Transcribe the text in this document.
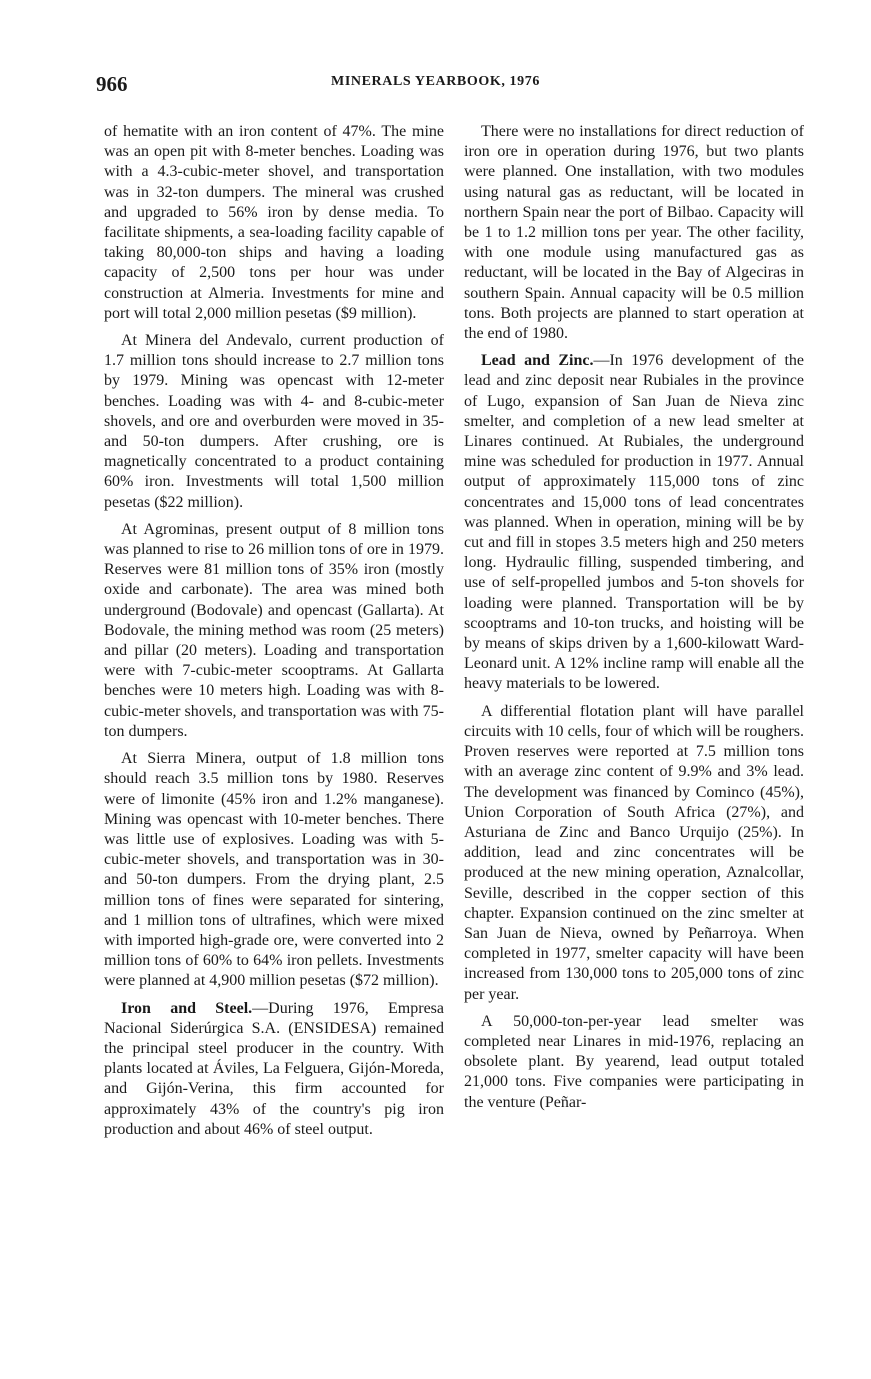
966	MINERALS YEARBOOK, 1976

of hematite with an iron content of 47%. The mine was an open pit with 8-meter benches. Loading was with a 4.3-cubic-meter shovel, and transportation was in 32-ton dumpers. The mineral was crushed and upgraded to 56% iron by dense media. To facilitate shipments, a sea-loading facility capable of taking 80,000-ton ships and having a loading capacity of 2,500 tons per hour was under construction at Almeria. Investments for mine and port will total 2,000 million pesetas ($9 million).

At Minera del Andevalo, current production of 1.7 million tons should increase to 2.7 million tons by 1979. Mining was opencast with 12-meter benches. Loading was with 4- and 8-cubic-meter shovels, and ore and overburden were moved in 35- and 50-ton dumpers. After crushing, ore is magnetically concentrated to a product containing 60% iron. Investments will total 1,500 million pesetas ($22 million).

At Agrominas, present output of 8 million tons was planned to rise to 26 million tons of ore in 1979. Reserves were 81 million tons of 35% iron (mostly oxide and carbonate). The area was mined both underground (Bodovale) and opencast (Gallarta). At Bodovale, the mining method was room (25 meters) and pillar (20 meters). Loading and transportation were with 7-cubic-meter scooptrams. At Gallarta benches were 10 meters high. Loading was with 8-cubic-meter shovels, and transportation was with 75-ton dumpers.

At Sierra Minera, output of 1.8 million tons should reach 3.5 million tons by 1980. Reserves were of limonite (45% iron and 1.2% manganese). Mining was opencast with 10-meter benches. There was little use of explosives. Loading was with 5-cubic-meter shovels, and transportation was in 30- and 50-ton dumpers. From the drying plant, 2.5 million tons of fines were separated for sintering, and 1 million tons of ultrafines, which were mixed with imported high-grade ore, were converted into 2 million tons of 60% to 64% iron pellets. Investments were planned at 4,900 million pesetas ($72 million).

Iron and Steel.—During 1976, Empresa Nacional Siderúrgica S.A. (ENSIDESA) remained the principal steel producer in the country. With plants located at Áviles, La Felguera, Gijón-Moreda, and Gijón-Verina, this firm accounted for approximately 43% of the country's pig iron production and about 46% of steel output.

There were no installations for direct reduction of iron ore in operation during 1976, but two plants were planned. One installation, with two modules using natural gas as reductant, will be located in northern Spain near the port of Bilbao. Capacity will be 1 to 1.2 million tons per year. The other facility, with one module using manufactured gas as reductant, will be located in the Bay of Algeciras in southern Spain. Annual capacity will be 0.5 million tons. Both projects are planned to start operation at the end of 1980.

Lead and Zinc.—In 1976 development of the lead and zinc deposit near Rubiales in the province of Lugo, expansion of San Juan de Nieva zinc smelter, and completion of a new lead smelter at Linares continued. At Rubiales, the underground mine was scheduled for production in 1977. Annual output of approximately 115,000 tons of zinc concentrates and 15,000 tons of lead concentrates was planned. When in operation, mining will be by cut and fill in stopes 3.5 meters high and 250 meters long. Hydraulic filling, suspended timbering, and use of self-propelled jumbos and 5-ton shovels for loading were planned. Transportation will be by scooptrams and 10-ton trucks, and hoisting will be by means of skips driven by a 1,600-kilowatt Ward-Leonard unit. A 12% incline ramp will enable all the heavy materials to be lowered.

A differential flotation plant will have parallel circuits with 10 cells, four of which will be roughers. Proven reserves were reported at 7.5 million tons with an average zinc content of 9.9% and 3% lead. The development was financed by Cominco (45%), Union Corporation of South Africa (27%), and Asturiana de Zinc and Banco Urquijo (25%). In addition, lead and zinc concentrates will be produced at the new mining operation, Aznalcollar, Seville, described in the copper section of this chapter. Expansion continued on the zinc smelter at San Juan de Nieva, owned by Peñarroya. When completed in 1977, smelter capacity will have been increased from 130,000 tons to 205,000 tons of zinc per year.

A 50,000-ton-per-year lead smelter was completed near Linares in mid-1976, replacing an obsolete plant. By yearend, lead output totaled 21,000 tons. Five companies were participating in the venture (Peñar-
